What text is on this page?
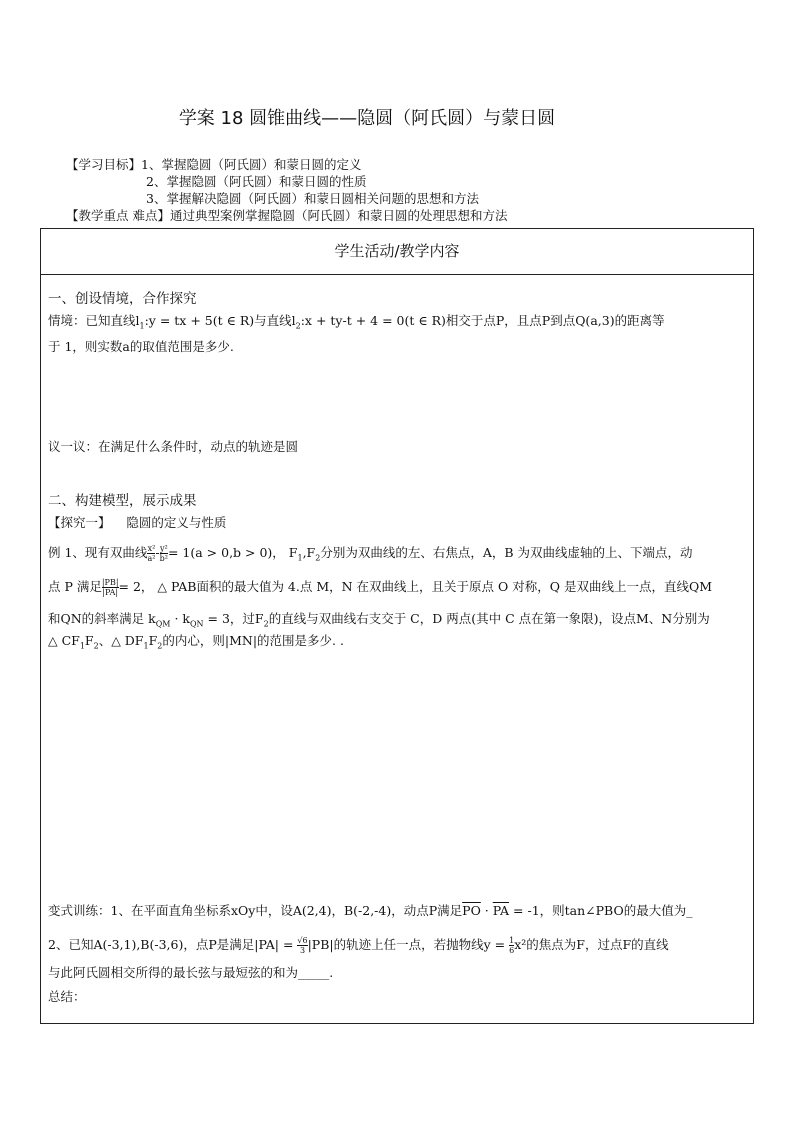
学案 18 圆锥曲线——隐圆（阿氏圆）与蒙日圆
【学习目标】1、掌握隐圆（阿氏圆）和蒙日圆的定义
2、掌握隐圆（阿氏圆）和蒙日圆的性质
3、掌握解决隐圆（阿氏圆）和蒙日圆相关问题的思想和方法
【教学重点 难点】通过典型案例掌握隐圆（阿氏圆）和蒙日圆的处理思想和方法
学生活动/教学内容
一、创设情境，合作探究
情境：已知直线$l_1:y$ = tx + 5(t ∈ R)与直线$l_2:x + ty-t + 4 = 0(t$ ∈ R)相交于点P，且点P到点Q(a,3)的距离等
于 1，则实数a的取值范围是多少.
议一议：在满足什么条件时，动点的轨迹是圆
二、构建模型，展示成果
【探究一】 隐圆的定义与性质
例 1、现有双曲线 $\frac{\text{x²}}{\text{a²}} - \frac{\text{y²}}{\text{b²}} = 1(a > 0,b > 0)$， $F_1,F_2$分别为双曲线的左、右焦点，A，B 为双曲线虚轴的上、下端点，动
点 P 满足 $\frac{|PB|}{|PA|} = 2$， △ PAB面积的最大值为 4.点 M，N 在双曲线上，且关于原点 O 对称，Q 是双曲线上一点，直线QM
和QN的斜率满足 $k_{QM} \cdot k_{QN} = 3$，过$F_2$的直线与双曲线右支交于 C，D 两点(其中 C 点在第一象限)，设点M、N分别为
△ $CF_1F_2$、△ $DF_1F_2$的内心，则|MN|的范围是多少. .
变式训练：1、在平面直角坐标系xOy中，设A(2,4)，B(-2,-4)，动点P满足$\overline{PO} \cdot \overline{PA} = -1$，则tan∠PBO的最大值为_
2、已知A(-3,1),B(-3,6)，点P是满足$|PA| = \frac{√6}{3} |PB|$的轨迹上任一点，若抛物线$y = \frac{1}{6} x^2$的焦点为F，过点F的直线
与此阿氏圆相交所得的最长弦与最短弦的和为_____.
总结：
